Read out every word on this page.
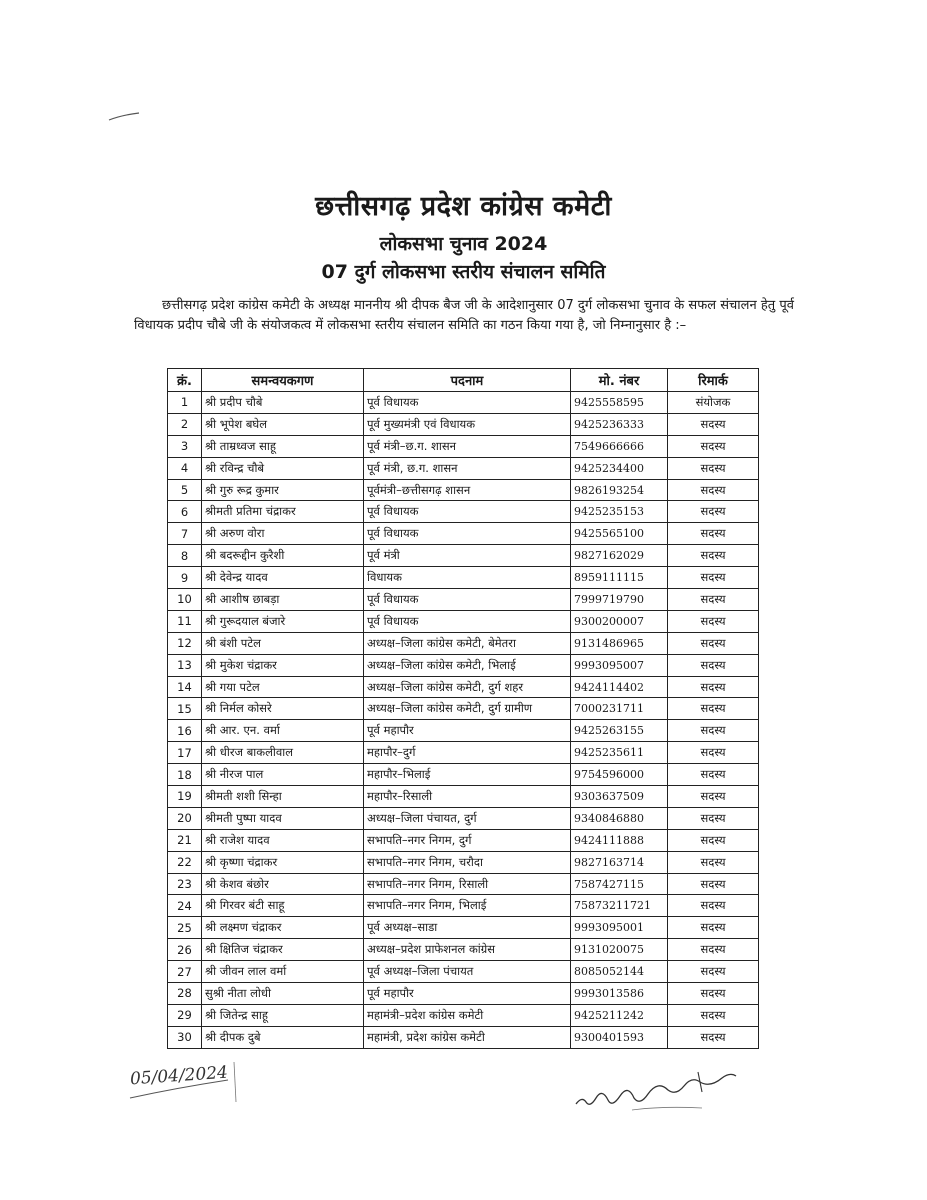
छत्तीसगढ़ प्रदेश कांग्रेस कमेटी
लोकसभा चुनाव 2024
07 दुर्ग लोकसभा स्तरीय संचालन समिति

छत्तीसगढ़ प्रदेश कांग्रेस कमेटी के अध्यक्ष माननीय श्री दीपक बैज जी के आदेशानुसार 07 दुर्ग लोकसभा चुनाव के सफल संचालन हेतु पूर्व विधायक प्रदीप चौबे जी के संयोजकत्व में लोकसभा स्तरीय संचालन समिति का गठन किया गया है, जो निम्नानुसार है :–

क्रं.	समन्वयकगण	पदनाम	मो. नंबर	रिमार्क
1	श्री प्रदीप चौबे	पूर्व विधायक	9425558595	संयोजक
2	श्री भूपेश बघेल	पूर्व मुख्यमंत्री एवं विधायक	9425236333	सदस्य
3	श्री ताम्रध्वज साहू	पूर्व मंत्री–छ.ग. शासन	7549666666	सदस्य
4	श्री रविन्द्र चौबे	पूर्व मंत्री, छ.ग. शासन	9425234400	सदस्य
5	श्री गुरु रूद्र कुमार	पूर्वमंत्री–छत्तीसगढ़ शासन	9826193254	सदस्य
6	श्रीमती प्रतिमा चंद्राकर	पूर्व विधायक	9425235153	सदस्य
7	श्री अरुण वोरा	पूर्व विधायक	9425565100	सदस्य
8	श्री बदरूद्दीन कुरैशी	पूर्व मंत्री	9827162029	सदस्य
9	श्री देवेन्द्र यादव	विधायक	8959111115	सदस्य
10	श्री आशीष छाबड़ा	पूर्व विधायक	7999719790	सदस्य
11	श्री गुरूदयाल बंजारे	पूर्व विधायक	9300200007	सदस्य
12	श्री बंशी पटेल	अध्यक्ष–जिला कांग्रेस कमेटी, बेमेतरा	9131486965	सदस्य
13	श्री मुकेश चंद्राकर	अध्यक्ष–जिला कांग्रेस कमेटी, भिलाई	9993095007	सदस्य
14	श्री गया पटेल	अध्यक्ष–जिला कांग्रेस कमेटी, दुर्ग शहर	9424114402	सदस्य
15	श्री निर्मल कोसरे	अध्यक्ष–जिला कांग्रेस कमेटी, दुर्ग ग्रामीण	7000231711	सदस्य
16	श्री आर. एन. वर्मा	पूर्व महापौर	9425263155	सदस्य
17	श्री धीरज बाकलीवाल	महापौर–दुर्ग	9425235611	सदस्य
18	श्री नीरज पाल	महापौर–भिलाई	9754596000	सदस्य
19	श्रीमती शशी सिन्हा	महापौर–रिसाली	9303637509	सदस्य
20	श्रीमती पुष्पा यादव	अध्यक्ष–जिला पंचायत, दुर्ग	9340846880	सदस्य
21	श्री राजेश यादव	सभापति–नगर निगम, दुर्ग	9424111888	सदस्य
22	श्री कृष्णा चंद्राकर	सभापति–नगर निगम, चरौदा	9827163714	सदस्य
23	श्री केशव बंछोर	सभापति–नगर निगम, रिसाली	7587427115	सदस्य
24	श्री गिरवर बंटी साहू	सभापति–नगर निगम, भिलाई	75873211721	सदस्य
25	श्री लक्ष्मण चंद्राकर	पूर्व अध्यक्ष–साडा	9993095001	सदस्य
26	श्री क्षितिज चंद्राकर	अध्यक्ष–प्रदेश प्राफेशनल कांग्रेस	9131020075	सदस्य
27	श्री जीवन लाल वर्मा	पूर्व अध्यक्ष–जिला पंचायत	8085052144	सदस्य
28	सुश्री नीता लोधी	पूर्व महापौर	9993013586	सदस्य
29	श्री जितेन्द्र साहू	महामंत्री–प्रदेश कांग्रेस कमेटी	9425211242	सदस्य
30	श्री दीपक दुबे	महामंत्री, प्रदेश कांग्रेस कमेटी	9300401593	सदस्य
05/04/2024
